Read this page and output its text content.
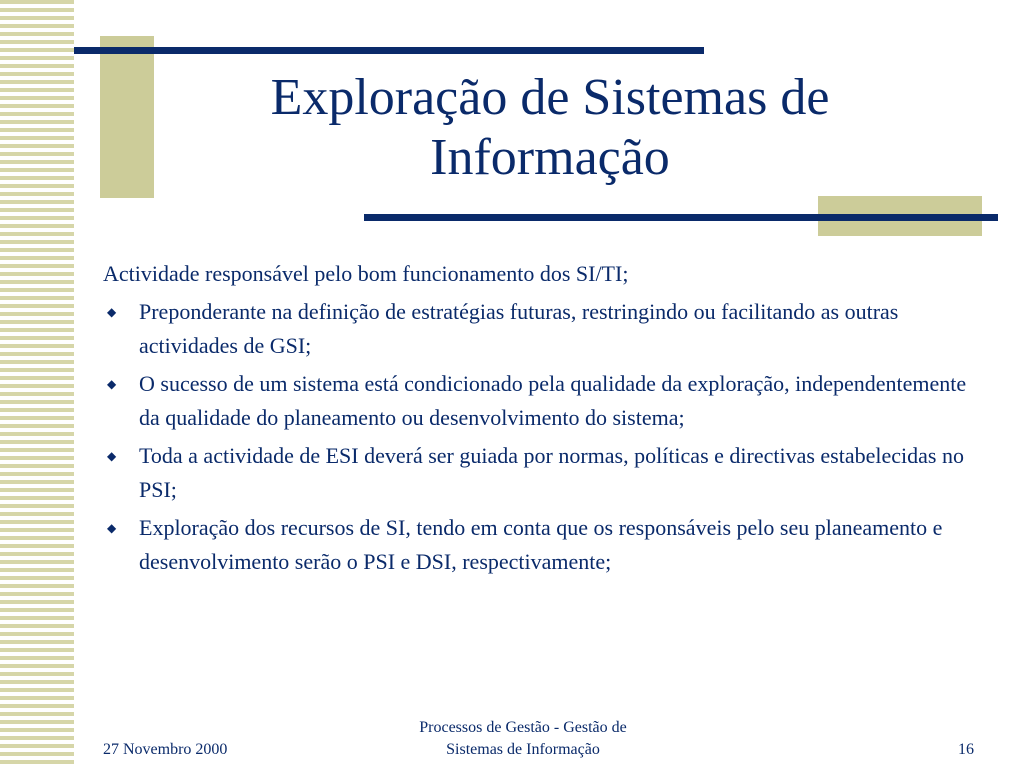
Exploração de Sistemas de
Informação

Actividade responsável pelo bom funcionamento dos SI/TI;

◆ Preponderante na definição de estratégias futuras, restringindo ou facilitando as outras actividades de GSI;
◆ O sucesso de um sistema está condicionado pela qualidade da exploração, independentemente da qualidade do planeamento ou desenvolvimento do sistema;
◆ Toda a actividade de ESI deverá ser guiada por normas, políticas e directivas estabelecidas no PSI;
◆ Exploração dos recursos de SI, tendo em conta que os responsáveis pelo seu planeamento e desenvolvimento serão o PSI e DSI, respectivamente;
27 Novembro 2000
Processos de Gestão - Gestão de
Sistemas de Informação	16
